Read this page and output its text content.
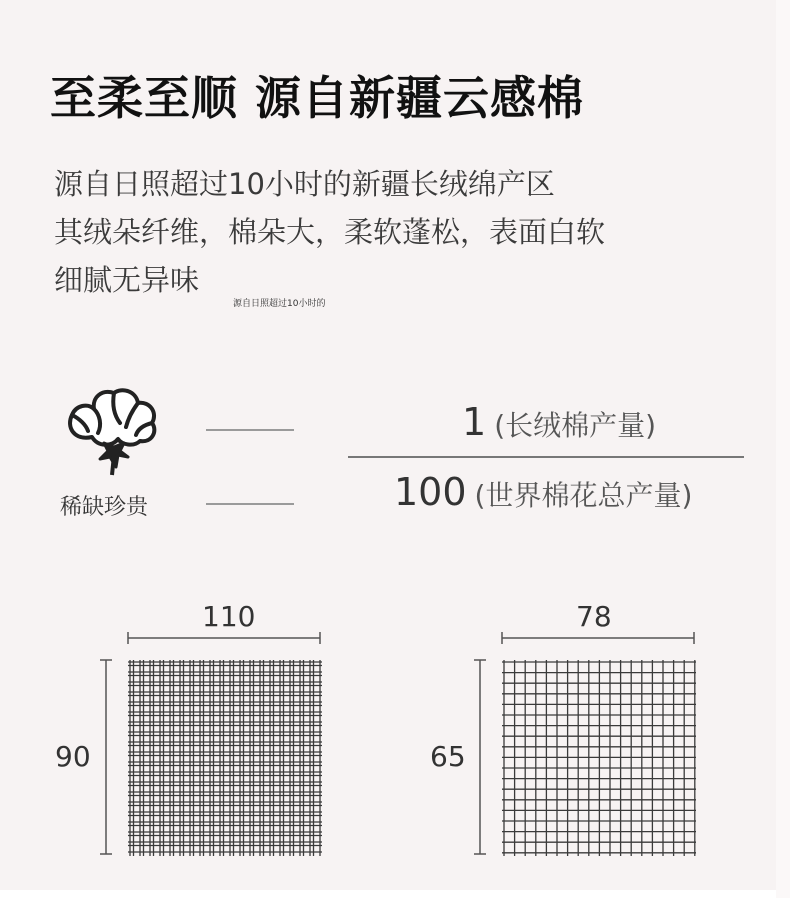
至柔至顺 源自新疆云感棉
源自日照超过10小时的新疆长绒绵产区
其绒朵纤维，棉朵大，柔软蓬松，表面白软
细腻无异味
源自日照超过10小时的
稀缺珍贵
1 (长绒棉产量)
100 (世界棉花总产量)
110
90
78
65
